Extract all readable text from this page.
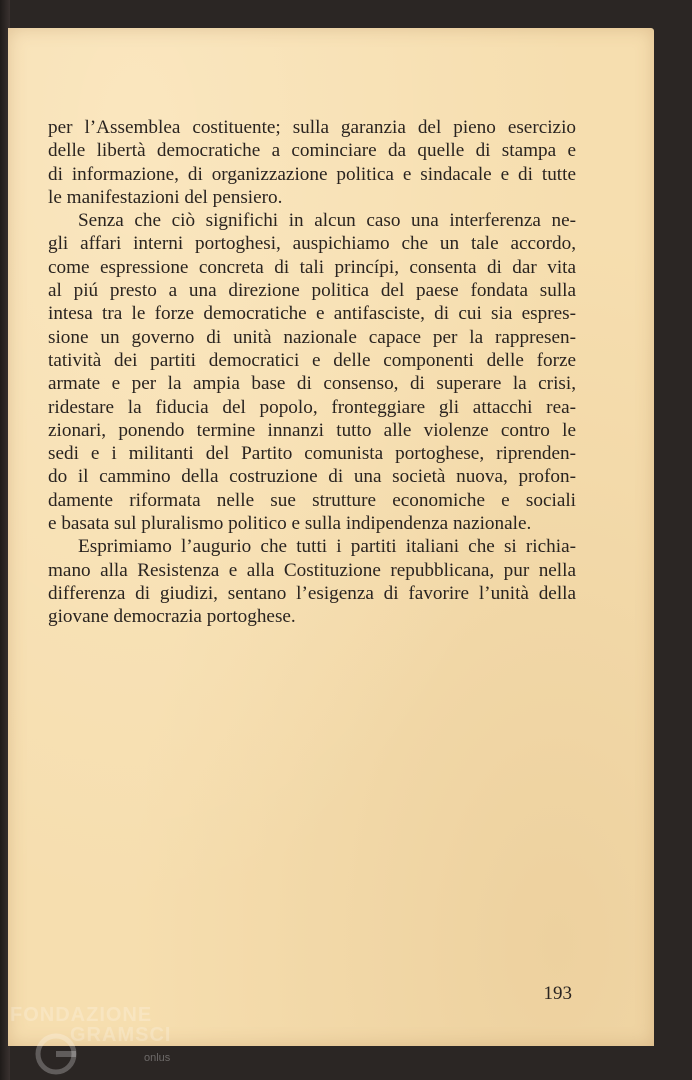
per l’Assemblea costituente; sulla garanzia del pieno esercizio
delle libertà democratiche a cominciare da quelle di stampa e
di informazione, di organizzazione politica e sindacale e di tutte
le manifestazioni del pensiero.

Senza che ciò significhi in alcun caso una interferenza ne-
gli affari interni portoghesi, auspichiamo che un tale accordo,
come espressione concreta di tali princípi, consenta di dar vita
al piú presto a una direzione politica del paese fondata sulla
intesa tra le forze democratiche e antifasciste, di cui sia espres-
sione un governo di unità nazionale capace per la rappresen-
tatività dei partiti democratici e delle componenti delle forze
armate e per la ampia base di consenso, di superare la crisi,
ridestare la fiducia del popolo, fronteggiare gli attacchi rea-
zionari, ponendo termine innanzi tutto alle violenze contro le
sedi e i militanti del Partito comunista portoghese, riprenden-
do il cammino della costruzione di una società nuova, profon-
damente riformata nelle sue strutture economiche e sociali
e basata sul pluralismo politico e sulla indipendenza nazionale.

Esprimiamo l’augurio che tutti i partiti italiani che si richia-
mano alla Resistenza e alla Costituzione repubblicana, pur nella
differenza di giudizi, sentano l’esigenza di favorire l’unità della
giovane democrazia portoghese.

193
FONDAZIONE
GRAMSCI
onlus
